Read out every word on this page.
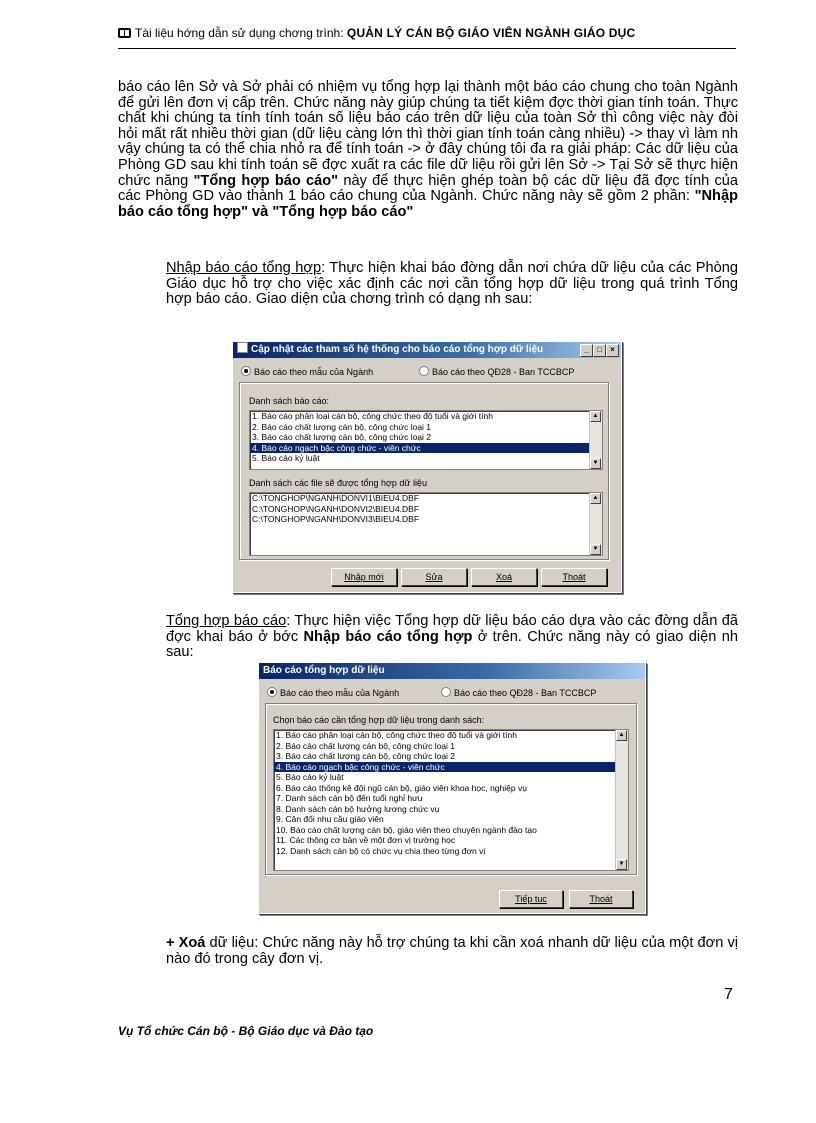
Tài liệu hớng dẫn sử dụng chơng trình: QUẢN LÝ CÁN BỘ GIÁO VIÊN NGÀNH GIÁO DỤC

báo cáo lên Sở và Sở phải có nhiệm vụ tổng hợp lại thành một báo cáo chung cho toàn Ngành để gửi lên đơn vị cấp trên. Chức năng này giúp chúng ta tiết kiệm đợc thời gian tính toán. Thực chất khi chúng ta tính tính toán số liệu báo cáo trên dữ liệu của toàn Sở thì công việc này đòi hỏi mất rất nhiều thời gian (dữ liệu càng lớn thì thời gian tính toán càng nhiều) -> thay vì làm nh vậy chúng ta có thể chia nhỏ ra để tính toán -> ở đây chúng tôi đa ra giải pháp: Các dữ liệu của Phòng GD sau khi tính toán sẽ đợc xuất ra các file dữ liệu rồi gửi lên Sở -> Tại Sở sẽ thực hiện chức năng "Tổng hợp báo cáo" này để thực hiện ghép toàn bộ các dữ liệu đã đợc tính của các Phòng GD vào thành 1 báo cáo chung của Ngành. Chức năng này sẽ gồm 2 phần: "Nhập báo cáo tổng hợp" và "Tổng hợp báo cáo"

Nhập báo cáo tổng hợp: Thực hiện khai báo đờng dẫn nơi chứa dữ liệu của các Phòng Giáo dục hỗ trợ cho việc xác định các nơi cần tổng hợp dữ liệu trong quá trình Tổng hợp báo cáo. Giao diện của chơng trình có dạng nh sau:

Cập nhật các tham số hệ thống cho báo cáo tổng hợp dữ liệu	_	□	×
Báo cáo theo mẫu của Ngành	Báo cáo theo QĐ28 - Ban TCCBCP
Danh sách báo cáo:
1. Báo cáo phân loại cán bộ, công chức theo độ tuổi và giới tính
2. Báo cáo chất lượng cán bộ, công chức loại 1
3. Báo cáo chất lượng cán bộ, công chức loại 2
4. Báo cáo ngạch bậc công chức - viên chức
5. Báo cáo kỷ luật
▲
▼
Danh sách các file sẽ được tổng hợp dữ liệu
C:\TONGHOP\NGANH\DONVI1\BIEU4.DBF
C:\TONGHOP\NGANH\DONVI2\BIEU4.DBF
C:\TONGHOP\NGANH\DONVI3\BIEU4.DBF
▲
▼
Nhập mới	Sửa	Xoá	Thoát

Tổng hợp báo cáo: Thực hiện việc Tổng hợp dữ liệu báo cáo dựa vào các đờng dẫn đã đợc khai báo ở bớc Nhập báo cáo tổng hợp ở trên. Chức năng này có giao diện nh sau:

Báo cáo tổng hợp dữ liệu
Báo cáo theo mẫu của Ngành	Báo cáo theo QĐ28 - Ban TCCBCP
Chọn báo cáo cần tổng hợp dữ liệu trong danh sách:
1. Báo cáo phân loại cán bộ, công chức theo độ tuổi và giới tính
2. Báo cáo chất lượng cán bộ, công chức loại 1
3. Báo cáo chất lượng cán bộ, công chức loại 2
4. Báo cáo ngạch bậc công chức - viên chức
5. Báo cáo kỷ luật
6. Báo cáo thống kê đội ngũ cán bộ, giáo viên khoa học, nghiệp vụ
7. Danh sách cán bộ đến tuổi nghỉ hưu
8. Danh sách cán bộ hưởng lương chức vụ
9. Cân đối nhu cầu giáo viên
10. Báo cáo chất lượng cán bộ, giáo viên theo chuyên ngành đào tạo
11. Các thông cơ bản về một đơn vị trường học
12. Danh sách cán bộ có chức vụ chia theo từng đơn vị
▲
▼
Tiếp tục	Thoát

+ Xoá dữ liệu: Chức năng này hỗ trợ chúng ta khi cần xoá nhanh dữ liệu của một đơn vị nào đó trong cây đơn vị.

7
Vụ Tổ chức Cán bộ - Bộ Giáo dục và Đào tạo
